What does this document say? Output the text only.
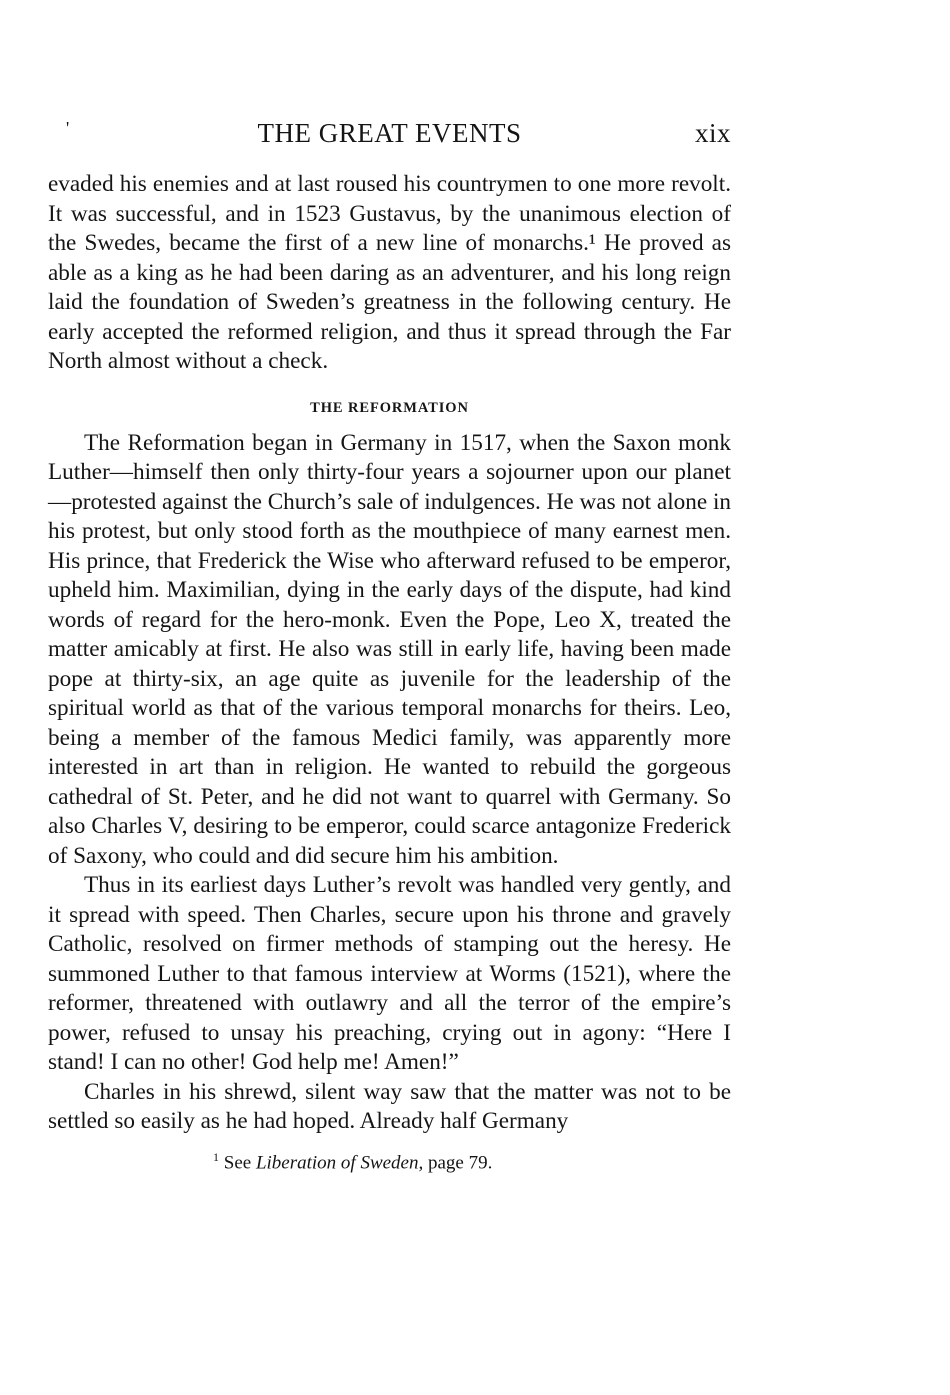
'	THE GREAT EVENTS	xix

evaded his enemies and at last roused his countrymen to one more revolt. It was successful, and in 1523 Gustavus, by the unanimous election of the Swedes, became the first of a new line of monarchs.¹ He proved as able as a king as he had been daring as an adventurer, and his long reign laid the foundation of Sweden’s greatness in the following century. He early accepted the reformed religion, and thus it spread through the Far North almost without a check.

THE REFORMATION

The Reformation began in Germany in 1517, when the Saxon monk Luther—himself then only thirty-four years a sojourner upon our planet—protested against the Church’s sale of indulgences. He was not alone in his protest, but only stood forth as the mouthpiece of many earnest men. His prince, that Frederick the Wise who afterward refused to be emperor, upheld him. Maximilian, dying in the early days of the dispute, had kind words of regard for the hero-monk. Even the Pope, Leo X, treated the matter amicably at first. He also was still in early life, having been made pope at thirty-six, an age quite as juvenile for the leadership of the spiritual world as that of the various temporal monarchs for theirs. Leo, being a member of the famous Medici family, was apparently more interested in art than in religion. He wanted to rebuild the gorgeous cathedral of St. Peter, and he did not want to quarrel with Germany. So also Charles V, desiring to be emperor, could scarce antagonize Frederick of Saxony, who could and did secure him his ambition.

Thus in its earliest days Luther’s revolt was handled very gently, and it spread with speed. Then Charles, secure upon his throne and gravely Catholic, resolved on firmer methods of stamping out the heresy. He summoned Luther to that famous interview at Worms (1521), where the reformer, threatened with outlawry and all the terror of the empire’s power, refused to unsay his preaching, crying out in agony: “Here I stand! I can no other! God help me! Amen!”

Charles in his shrewd, silent way saw that the matter was not to be settled so easily as he had hoped. Already half Germany

$^1$ See Liberation of Sweden, page 79.
